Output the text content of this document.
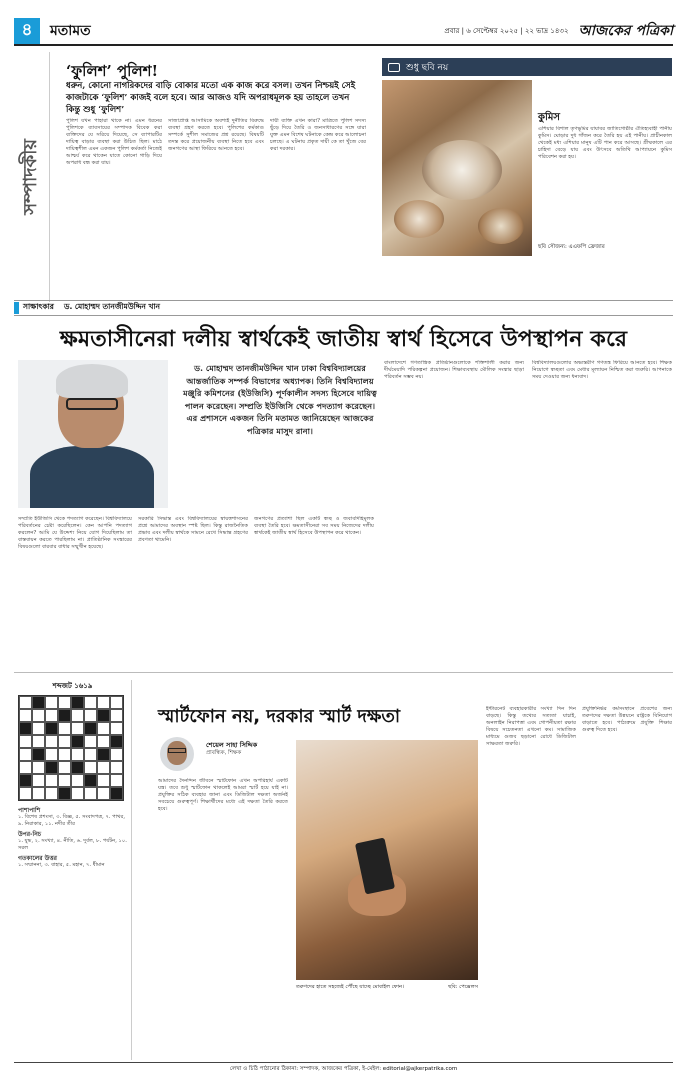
৪	মতামত	প্রবার | ৬ সেপ্টেম্বর ২০২৫ | ২২ ভাদ্র ১৪৩২ আজকের পত্রিকা
সম্পাদকীয়
‘ফুলিশ’ পুলিশ!
ধরুন, কোনো নাগরিকদের বাড়ি বোকার মতো এক কাজ করে বসল। তখন নিশ্চয়ই সেই কাজটাকে ‘ফুলিশ’ কাজই বলে হবে। আর আজও যদি অপরাধমূলক হয় তাহলে তখন কিন্তু শুধু ‘ফুলিশ’
পুলিশ যখন পাহারা থাকে না। এমন ধরনের পুলিশকে ব্যাবসায়ের সম্পাদক বিবেক করা ব্যক্তিদের যে সরিয়ে দিয়েছে, সে ব্যাপারটির দায়িত্ব বাড়ার ব্যবস্থা করা উচিত ছিল। মাঠে দায়িত্বশীল এমন একজন পুলিশ কর্মকর্তা নিজেই আশ্চর্য করে থাকেন যাতে কোনো গাড়ি দিয়ে অপরাধ বন্ধ করা যায়।
সাজাপ্রাপ্ত আসামিকে অবশ্যই দুর্নীতির বিরুদ্ধে ব্যবস্থা গ্রহণ করতে হবে। পুলিশের কর্মকাণ্ড সম্পর্কে সুশীল সমাজের প্রশ্ন রয়েছে। বিষয়টি তদন্ত করে প্রয়োজনীয় ব্যবস্থা নিতে হবে এবং জনগণের আস্থা ফিরিয়ে আনতে হবে।
দায়ী ব্যক্তি এখন কারা? মাত্রিতে পুলিশ সদস্য ছুঁড়ে দিয়ে তৈরি ও জনসাধারণের সঙ্গে যারা যুক্ত এমন বিশেষ ঘটনাকে কেন্দ্র করে আলোচনা চলছে। এ ঘটনায় প্রকৃত দায়ী কে তা খুঁজে বের করা দরকার।
শুধু ছবি নয়
কুমিস
এশিয়ার বিশাল তৃণভূমির যাযাবর জাতিগোষ্ঠীর ঐতিহ্যবাহী পানীয় কুমিস। ঘোড়ার দুধ গাঁজন করে তৈরি হয় এই পানীয়। প্রাচীনকাল থেকেই মধ্য এশিয়ার মানুষ এটি পান করে আসছে। গ্রীষ্মকালে এর চাহিদা বেড়ে যায় এবং উৎসবে অতিথি আপ্যায়নে কুমিস পরিবেশন করা হয়।
ছবি সৌজন্য: এএফপি ফ্রেজার
সাক্ষাৎকার	ড. মোহাম্মদ তানজীমউদ্দিন খান
ক্ষমতাসীনেরা দলীয় স্বার্থকেই জাতীয় স্বার্থ হিসেবে উপস্থাপন করে
ড. মোহাম্মদ তানজীমউদ্দিন খান ঢাকা বিশ্ববিদ্যালয়ের আন্তর্জাতিক সম্পর্ক বিভাগের অধ্যাপক। তিনি বিশ্ববিদ্যালয় মঞ্জুরি কমিশনের (ইউজিসি) পূর্ণকালীন সদস্য হিসেবে দায়িত্ব পালন করেছেন। সম্প্রতি ইউজিসি থেকে পদত্যাগ করেছেন। এর প্রশাসনে একজন তিনি মতামত জানিয়েছেন আজকের পত্রিকার মাসুদ রানা।
সম্প্রতি ইউজিসি থেকে পদত্যাগ করেছেন। বিশ্ববিদ্যালয়ে পরিবর্তনের চেষ্টা করেছিলেন। কেন আপনি পদত্যাগ করলেন? আমি যে উদ্দেশ্য নিয়ে যোগ দিয়েছিলাম তা বাস্তবায়ন করতে পারছিলাম না। প্রাতিষ্ঠানিক সংস্কারের বিষয়গুলো বারবার বাধার সম্মুখীন হয়েছে।
সরকারি সিদ্ধান্ত এবং বিশ্ববিদ্যালয়ের স্বায়ত্তশাসনের প্রশ্নে আমাদের অবস্থান স্পষ্ট ছিল। কিন্তু রাজনৈতিক প্রভাব এবং দলীয় স্বার্থকে সামনে রেখে সিদ্ধান্ত গ্রহণের প্রবণতা থামেনি।
জনগণের প্রত্যাশা ছিল একটি স্বচ্ছ ও জবাবদিহিমূলক ব্যবস্থা তৈরি হবে। ক্ষমতাসীনেরা সব সময় নিজেদের দলীয় স্বার্থকেই জাতীয় স্বার্থ হিসেবে উপস্থাপন করে থাকেন।
বাংলাদেশে গণতান্ত্রিক প্রতিষ্ঠানগুলোকে শক্তিশালী করার জন্য দীর্ঘমেয়াদি পরিকল্পনা প্রয়োজন। শিক্ষাব্যবস্থায় মৌলিক সংস্কার ছাড়া পরিবর্তন সম্ভব নয়।
বিশ্ববিদ্যালয়গুলোর অভ্যন্তরীণ গণতন্ত্র ফিরিয়ে আনতে হবে। শিক্ষক নিয়োগে স্বচ্ছতা এবং মেধার মূল্যায়ন নিশ্চিত করা জরুরি। আপনাকে সময় দেওয়ার জন্য ধন্যবাদ।
শব্দজট ১৬১৯
পাশাপাশি
১. বিশেষ প্রশংসা, ৩. বিজ্ঞ, ৫. সংবাদপত্র, ৭. পাথর, ৯. নিরাকার, ১১. নদীর তীর
উপর-নিচ
১. যুদ্ধ, ২. সংখ্যা, ৪. নীতি, ৬. দুর্বল, ৮. পর্যটন, ১০. সরল
গতকালের উত্তর
১. সম্মাননা, ৩. বাহার, ৫. মহান, ৭. ধীমান
স্মার্টফোন নয়, দরকার স্মার্ট দক্ষতা
শেয়েল সাহা সিদ্দিক
প্রাবন্ধিক, শিক্ষক
আমাদের দৈনন্দিন জীবনে স্মার্টফোন এখন অপরিহার্য একটি যন্ত্র। তবে শুধু স্মার্টফোন থাকলেই আমরা স্মার্ট হয়ে যাই না। প্রযুক্তির সঠিক ব্যবহার জানা এবং ডিজিটাল দক্ষতা অর্জনই সবচেয়ে গুরুত্বপূর্ণ। শিক্ষার্থীদের মধ্যে এই দক্ষতা তৈরি করতে হবে।
তরুণদের হাতে সহজেই পৌঁছে যাচ্ছে মোবাইল ফোন।	ছবি: পেক্সেলস
ইন্টারনেট ব্যবহারকারীর সংখ্যা দিন দিন বাড়ছে। কিন্তু তথ্যের সত্যতা যাচাই, অনলাইন নিরাপত্তা এবং গোপনীয়তা রক্ষার বিষয়ে সচেতনতা এখনো কম। সামাজিক মাধ্যমে গুজব ছড়ানো রোধে ডিজিটাল সাক্ষরতা জরুরি।
প্রযুক্তিনির্ভর কর্মসংস্থানে প্রবেশের জন্য তরুণদের দক্ষতা উন্নয়নে রাষ্ট্রকে বিনিয়োগ বাড়াতে হবে। পাঠ্যক্রমে প্রযুক্তি শিক্ষার গুরুত্ব দিতে হবে।
লেখা ও চিঠি পাঠানোর ঠিকানা: সম্পাদক, আজকের পত্রিকা, ই-মেইল: editorial@ajkerpatrika.com
